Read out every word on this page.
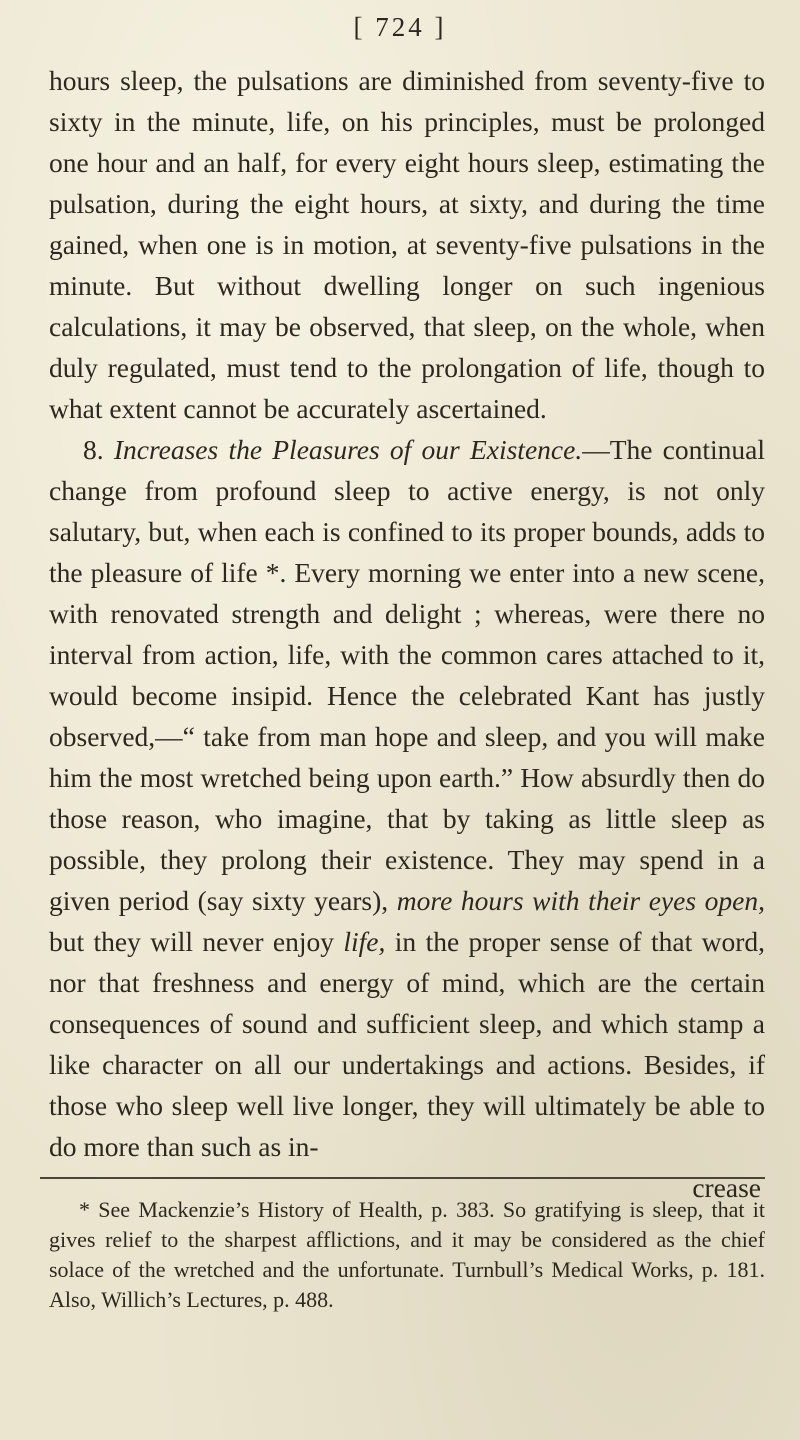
[ 724 ]

hours sleep, the pulsations are diminished from seventy-five to sixty in the minute, life, on his principles, must be prolonged one hour and an half, for every eight hours sleep, estimating the pulsation, during the eight hours, at sixty, and during the time gained, when one is in motion, at seventy-five pulsations in the minute. But without dwelling longer on such ingenious calculations, it may be observed, that sleep, on the whole, when duly regulated, must tend to the prolongation of life, though to what extent cannot be accurately ascertained.

8. Increases the Pleasures of our Existence.—The continual change from profound sleep to active energy, is not only salutary, but, when each is confined to its proper bounds, adds to the pleasure of life *. Every morning we enter into a new scene, with renovated strength and delight ; whereas, were there no interval from action, life, with the common cares attached to it, would become insipid. Hence the celebrated Kant has justly observed,—“ take from man hope and sleep, and you will make him the most wretched being upon earth.” How absurdly then do those reason, who imagine, that by taking as little sleep as possible, they prolong their existence. They may spend in a given period (say sixty years), more hours with their eyes open, but they will never enjoy life, in the proper sense of that word, nor that freshness and energy of mind, which are the certain consequences of sound and sufficient sleep, and which stamp a like character on all our undertakings and actions. Besides, if those who sleep well live longer, they will ultimately be able to do more than such as in-

crease

* See Mackenzie’s History of Health, p. 383. So gratifying is sleep, that it gives relief to the sharpest afflictions, and it may be considered as the chief solace of the wretched and the unfortunate. Turnbull’s Medical Works, p. 181. Also, Willich’s Lectures, p. 488.
